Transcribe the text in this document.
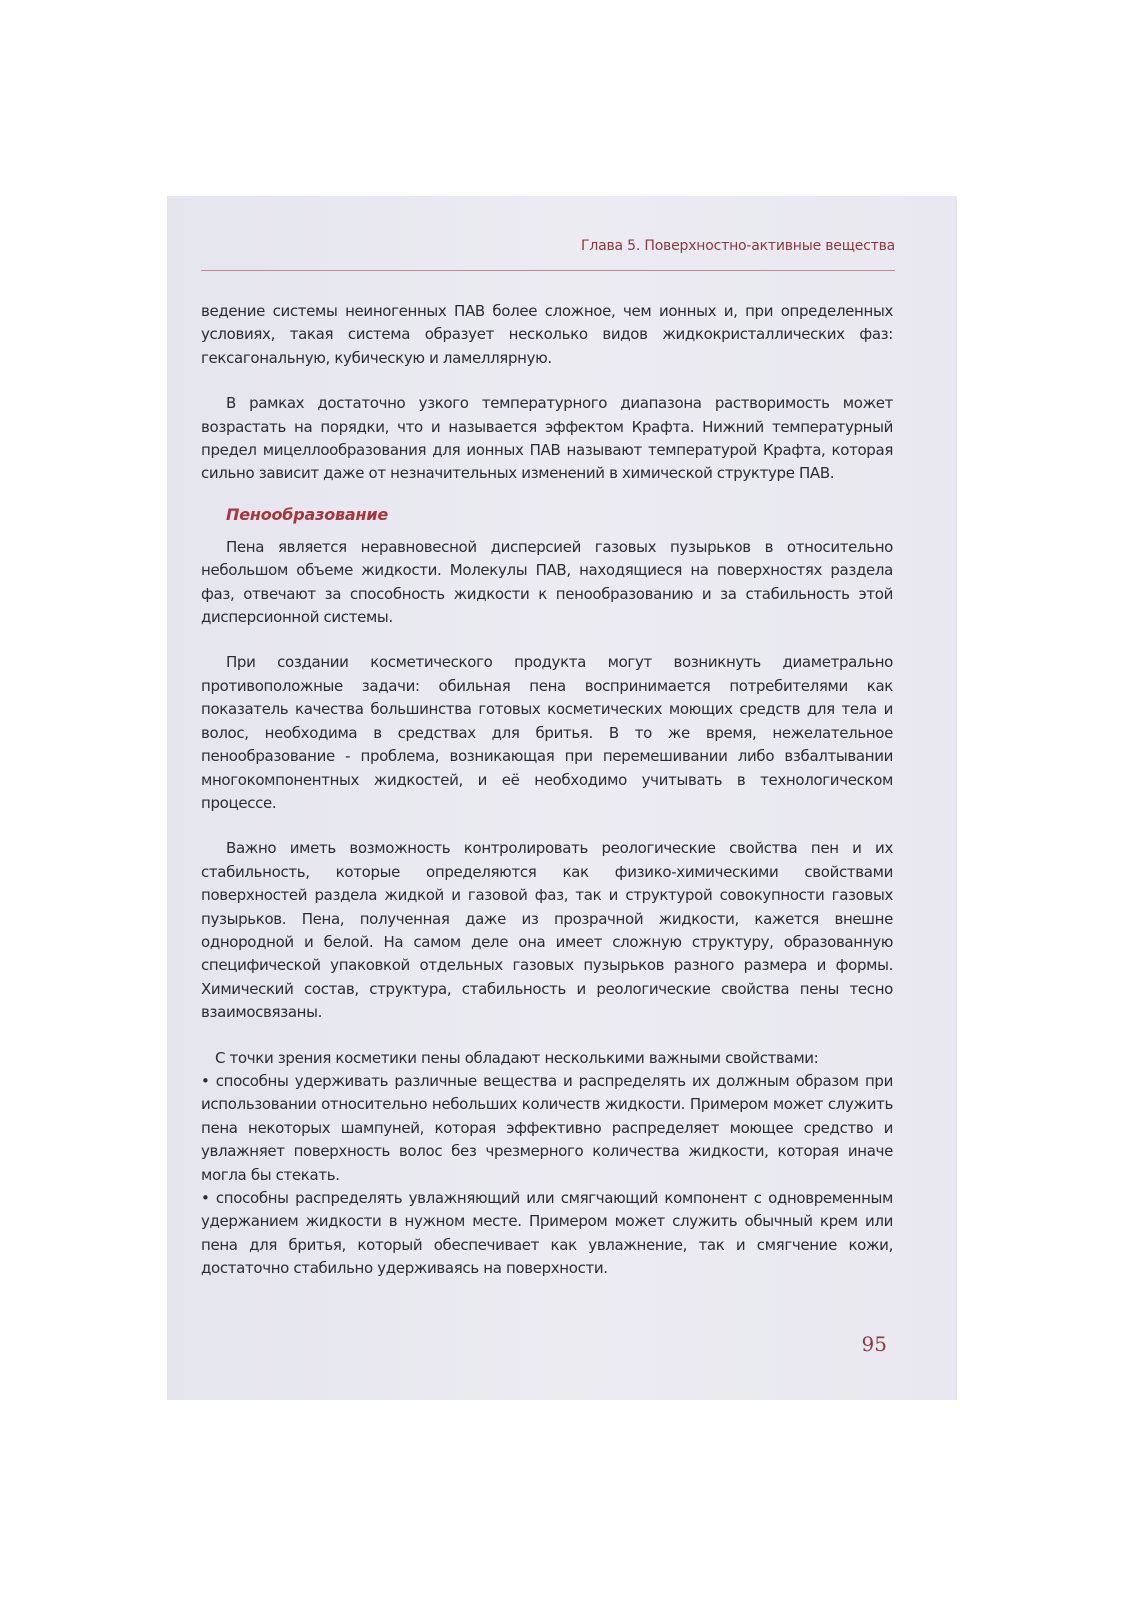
Глава 5. Поверхностно-активные вещества

ведение системы неиногенных ПАВ более сложное, чем ионных и, при определенных условиях, такая система образует несколько видов жидкокристаллических фаз: гексагональную, кубическую и ламеллярную.

В рамках достаточно узкого температурного диапазона растворимость может возрастать на порядки, что и называется эффектом Крафта. Нижний температурный предел мицеллообразования для ионных ПАВ называют температурой Крафта, которая сильно зависит даже от незначительных изменений в химической структуре ПАВ.

Пенообразование

Пена является неравновесной дисперсией газовых пузырьков в относительно небольшом объеме жидкости. Молекулы ПАВ, находящиеся на поверхностях раздела фаз, отвечают за способность жидкости к пенообразованию и за стабильность этой дисперсионной системы.

При создании косметического продукта могут возникнуть диаметрально противоположные задачи: обильная пена воспринимается потребителями как показатель качества большинства готовых косметических моющих средств для тела и волос, необходима в средствах для бритья. В то же время, нежелательное пенообразование - проблема, возникающая при перемешивании либо взбалтывании многокомпонентных жидкостей, и её необходимо учитывать в технологическом процессе.

Важно иметь возможность контролировать реологические свойства пен и их стабильность, которые определяются как физико-химическими свойствами поверхностей раздела жидкой и газовой фаз, так и структурой совокупности газовых пузырьков. Пена, полученная даже из прозрачной жидкости, кажется внешне однородной и белой. На самом деле она имеет сложную структуру, образованную специфической упаковкой отдельных газовых пузырьков разного размера и формы. Химический состав, структура, стабильность и реологические свойства пены тесно взаимосвязаны.

С точки зрения косметики пены обладают несколькими важными свойствами:

• способны удерживать различные вещества и распределять их должным образом при использовании относительно небольших количеств жидкости. Примером может служить пена некоторых шампуней, которая эффективно распределяет моющее средство и увлажняет поверхность волос без чрезмерного количества жидкости, которая иначе могла бы стекать.

• способны распределять увлажняющий или смягчающий компонент с одновременным удержанием жидкости в нужном месте. Примером может служить обычный крем или пена для бритья, который обеспечивает как увлажнение, так и смягчение кожи, достаточно стабильно удерживаясь на поверхности.

95
